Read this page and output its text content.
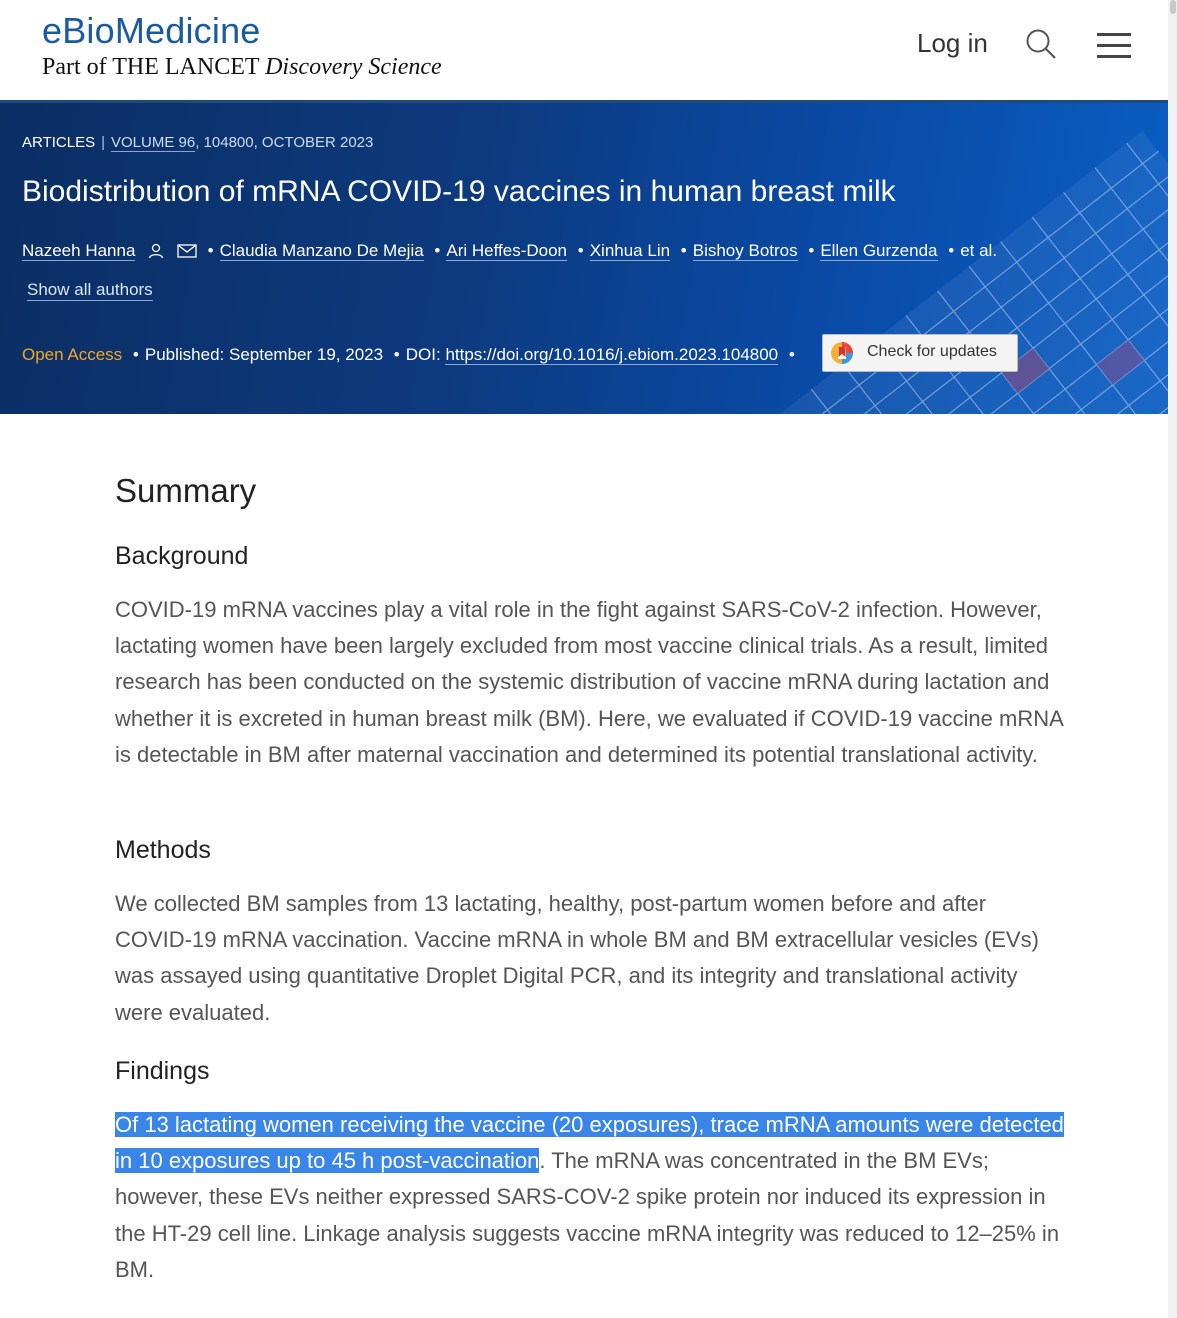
eBioMedicine
Part of THE LANCET Discovery Science
Log in
ARTICLES | VOLUME 96, 104800, OCTOBER 2023
Biodistribution of mRNA COVID-19 vaccines in human breast milk
Nazeeh Hanna	• Claudia Manzano De Mejia • Ari Heffes-Doon • Xinhua Lin • Bishoy Botros • Ellen Gurzenda • et al.
Show all authors
Open Access • Published: September 19, 2023 • DOI: https://doi.org/10.1016/j.ebiom.2023.104800 •	Check for updates
Summary
Background
COVID-19 mRNA vaccines play a vital role in the fight against SARS-CoV-2 infection. However, lactating women have been largely excluded from most vaccine clinical trials. As a result, limited research has been conducted on the systemic distribution of vaccine mRNA during lactation and whether it is excreted in human breast milk (BM). Here, we evaluated if COVID-19 vaccine mRNA is detectable in BM after maternal vaccination and determined its potential translational activity.
Methods
We collected BM samples from 13 lactating, healthy, post-partum women before and after COVID-19 mRNA vaccination. Vaccine mRNA in whole BM and BM extracellular vesicles (EVs) was assayed using quantitative Droplet Digital PCR, and its integrity and translational activity were evaluated.
Findings
Of 13 lactating women receiving the vaccine (20 exposures), trace mRNA amounts were detected in 10 exposures up to 45 h post-vaccination. The mRNA was concentrated in the BM EVs; however, these EVs neither expressed SARS-COV-2 spike protein nor induced its expression in the HT-29 cell line. Linkage analysis suggests vaccine mRNA integrity was reduced to 12–25% in BM.
